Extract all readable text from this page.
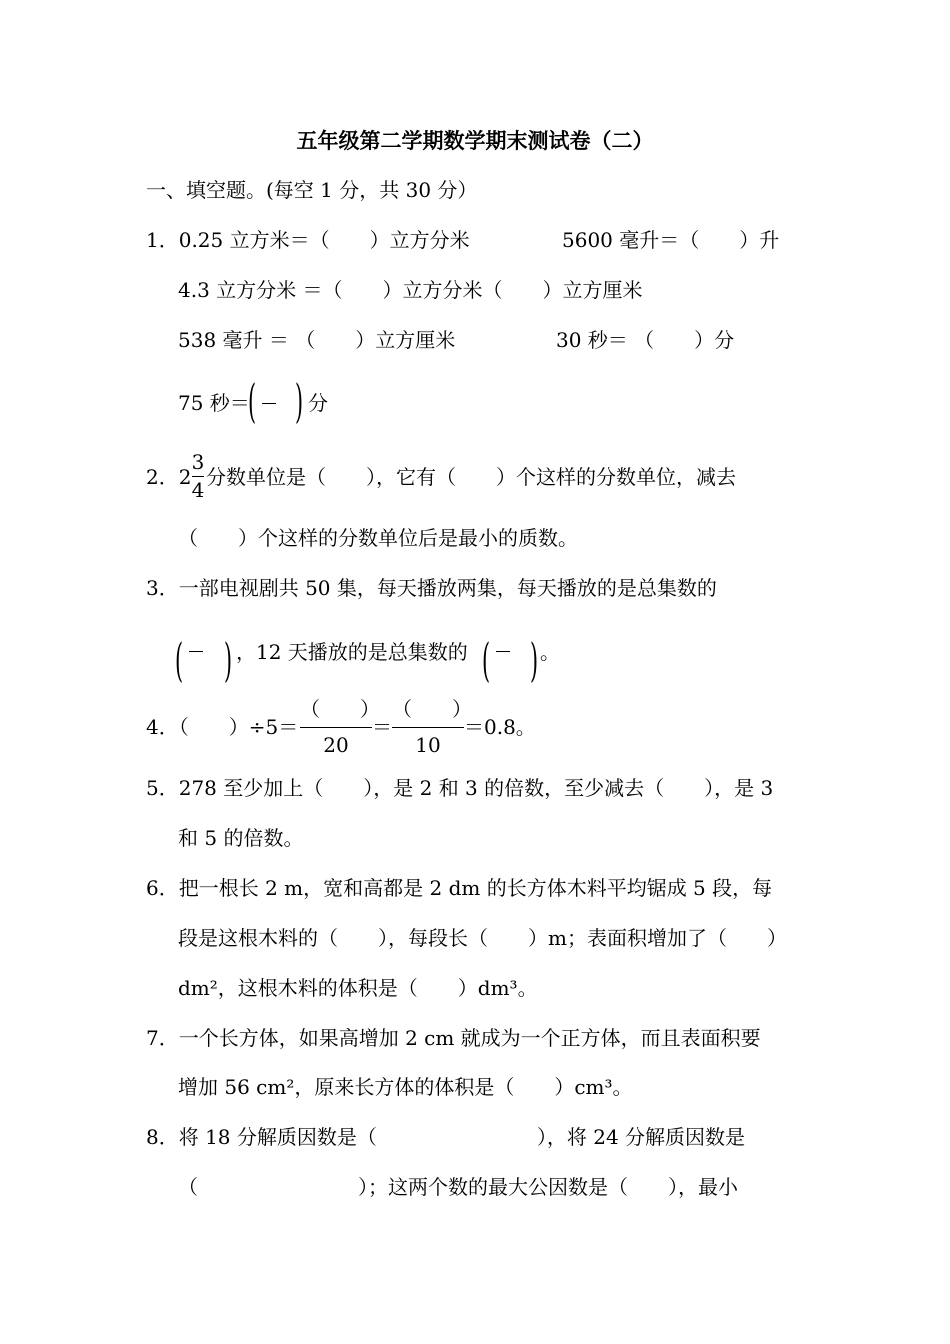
五年级第二学期数学期末测试卷（二）
一、填空题。(每空 1 分，共 30 分）
1．0.25 立方米＝（　　）立方分米	5600 毫升＝（　　）升
4.3 立方分米 ＝（　　）立方分米（　　）立方厘米
538 毫升 ＝ （　　）立方厘米	30 秒＝ （　　）分
75 秒＝
( ) 分
2．2
3
4
分数单位是（　　），它有（　　）个这样的分数单位，减去
（　　）个这样的分数单位后是最小的质数。
3．一部电视剧共 50 集，每天播放两集，每天播放的是总集数的
( ) ，12 天播放的是总集数的 ( ) 。
4．（　　）÷5＝
（　　）
20
＝
（　　）
10
＝0.8。
5．278 至少加上（　　），是 2 和 3 的倍数，至少减去（　　），是 3
和 5 的倍数。
6．把一根长 2 m，宽和高都是 2 dm 的长方体木料平均锯成 5 段，每
段是这根木料的（　　），每段长（　　）m；表面积增加了（　　）
dm²，这根木料的体积是（　　）dm³。
7．一个长方体，如果高增加 2 cm 就成为一个正方体，而且表面积要
增加 56 cm²，原来长方体的体积是（　　）cm³。
8．将 18 分解质因数是（　　　　　　　　），将 24 分解质因数是
（　　　　　　　　）；这两个数的最大公因数是（　　），最小
